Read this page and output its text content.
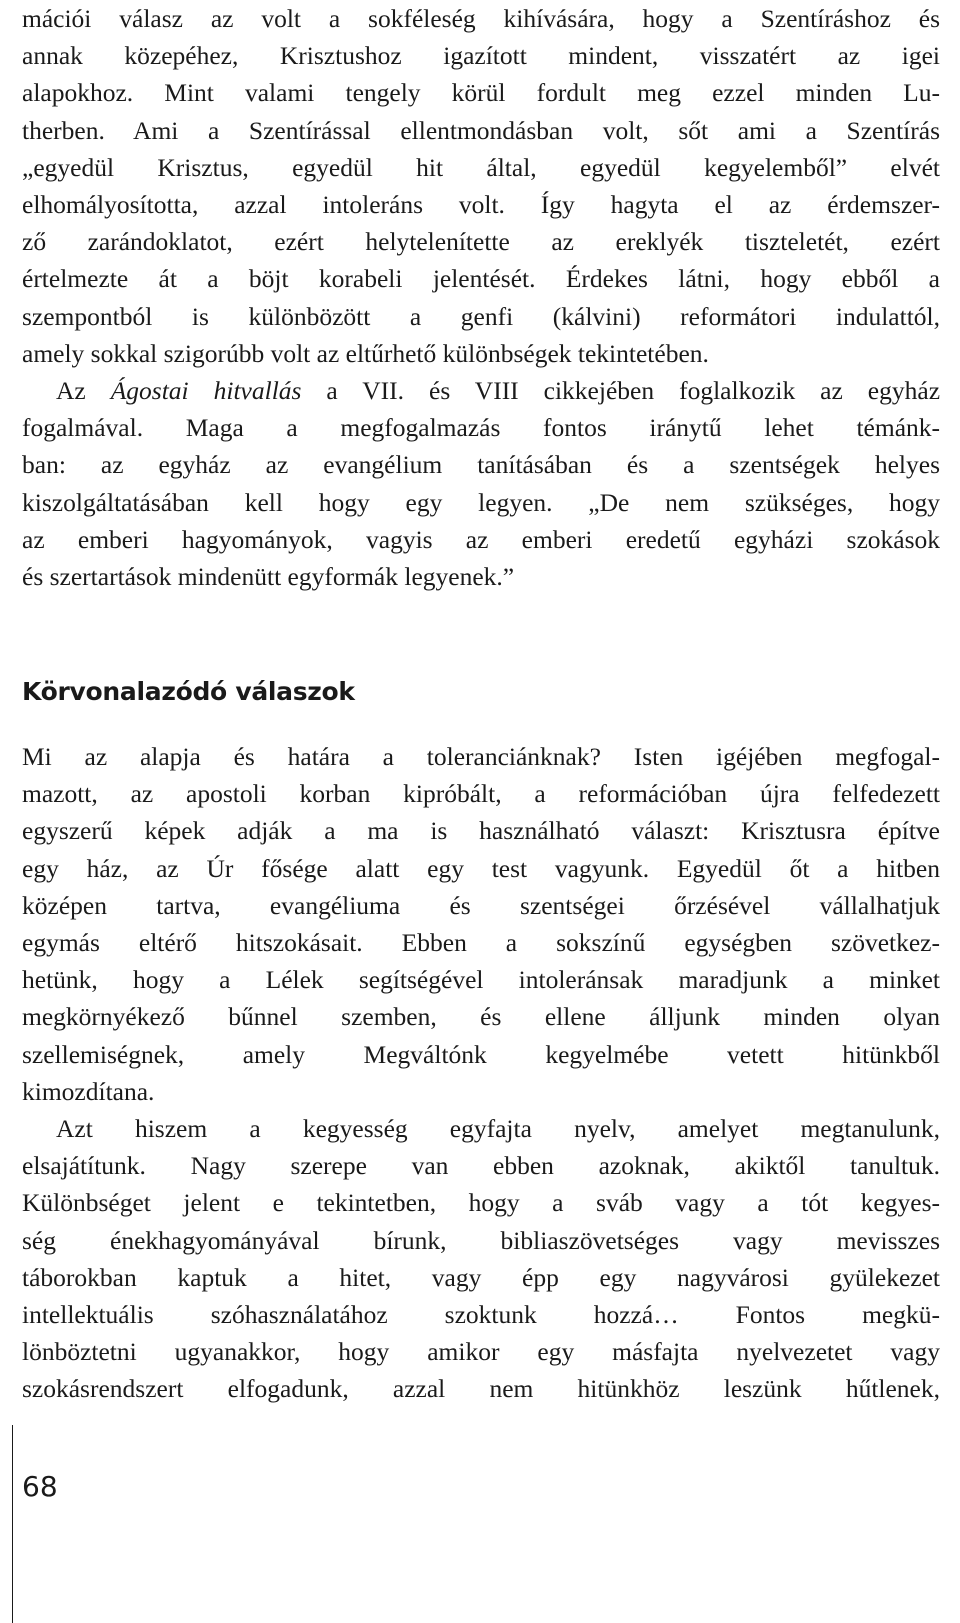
mációi válasz az volt a sokféleség kihívására, hogy a Szentíráshoz és
annak közepéhez, Krisztushoz igazított mindent, visszatért az igei
alapokhoz. Mint valami tengely körül fordult meg ezzel minden Lu-
therben. Ami a Szentírással ellentmondásban volt, sőt ami a Szentírás
„egyedül Krisztus, egyedül hit által, egyedül kegyelemből” elvét
elhomályosította, azzal intoleráns volt. Így hagyta el az érdemszer-
ző zarándoklatot, ezért helytelenítette az ereklyék tiszteletét, ezért
értelmezte át a böjt korabeli jelentését. Érdekes látni, hogy ebből a
szempontból is különbözött a genfi (kálvini) reformátori indulattól,
amely sokkal szigorúbb volt az eltűrhető különbségek tekintetében.

Az Ágostai hitvallás a VII. és VIII cikkejében foglalkozik az egyház
fogalmával. Maga a megfogalmazás fontos iránytű lehet témánk-
ban: az egyház az evangélium tanításában és a szentségek helyes
kiszolgáltatásában kell hogy egy legyen. „De nem szükséges, hogy
az emberi hagyományok, vagyis az emberi eredetű egyházi szokások
és szertartások mindenütt egyformák legyenek.”

Körvonalazódó válaszok

Mi az alapja és határa a toleranciánknak? Isten igéjében megfogal-
mazott, az apostoli korban kipróbált, a reformációban újra felfedezett
egyszerű képek adják a ma is használható választ: Krisztusra építve
egy ház, az Úr fősége alatt egy test vagyunk. Egyedül őt a hitben
középen tartva, evangéliuma és szentségei őrzésével vállalhatjuk
egymás eltérő hitszokásait. Ebben a sokszínű egységben szövetkez-
hetünk, hogy a Lélek segítségével intoleránsak maradjunk a minket
megkörnyékező bűnnel szemben, és ellene álljunk minden olyan
szellemiségnek, amely Megváltónk kegyelmébe vetett hitünkből
kimozdítana.

Azt hiszem a kegyesség egyfajta nyelv, amelyet megtanulunk,
elsajátítunk. Nagy szerepe van ebben azoknak, akiktől tanultuk.
Különbséget jelent e tekintetben, hogy a sváb vagy a tót kegyes-
ség énekhagyományával bírunk, bibliaszövetséges vagy mevisszes
táborokban kaptuk a hitet, vagy épp egy nagyvárosi gyülekezet
intellektuális szóhasználatához szoktunk hozzá… Fontos megkü-
lönböztetni ugyanakkor, hogy amikor egy másfajta nyelvezetet vagy
szokásrendszert elfogadunk, azzal nem hitünkhöz leszünk hűtlenek,

68
